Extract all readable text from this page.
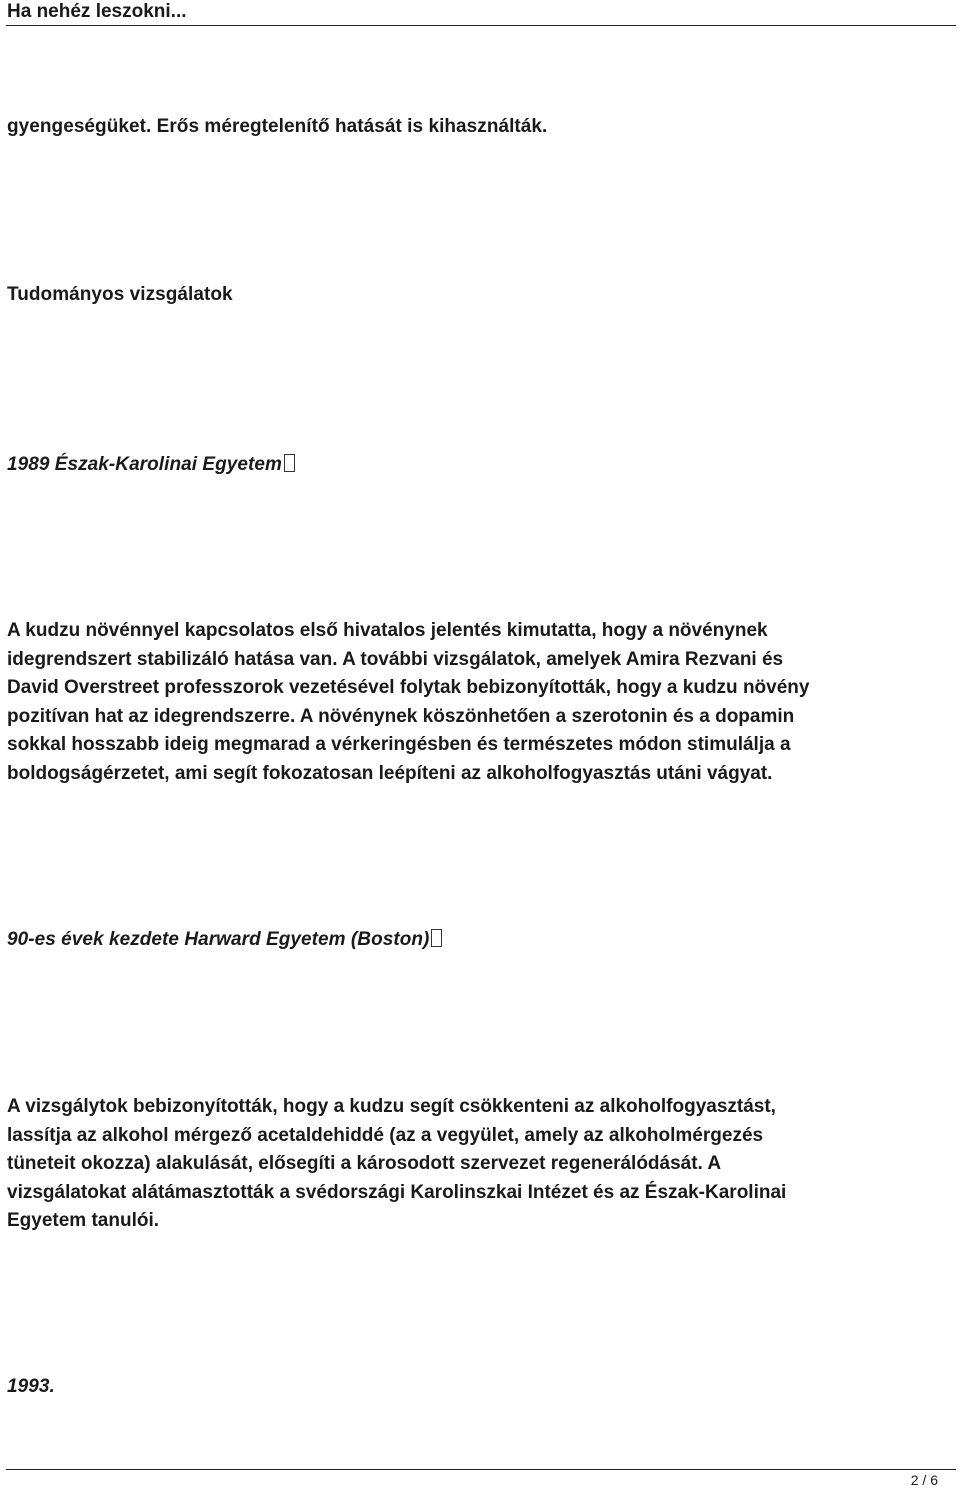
Ha nehéz leszokni...
gyengeségüket. Erős méregtelenítő hatását is kihasználták.
Tudományos vizsgálatok
1989 Észak-Karolinai Egyetem
A kudzu növénnyel kapcsolatos első hivatalos jelentés kimutatta, hogy a növénynek
idegrendszert stabilizáló hatása van. A további vizsgálatok, amelyek Amira Rezvani és
David Overstreet professzorok vezetésével folytak bebizonyították, hogy a kudzu növény
pozitívan hat az idegrendszerre. A növénynek köszönhetően a szerotonin és a dopamin
sokkal hosszabb ideig megmarad a vérkeringésben és természetes módon stimulálja a
boldogságérzetet, ami segít fokozatosan leépíteni az alkoholfogyasztás utáni vágyat.
90-es évek kezdete Harward Egyetem (Boston)
A vizsgálytok bebizonyították, hogy a kudzu segít csökkenteni az alkoholfogyasztást,
lassítja az alkohol mérgező acetaldehiddé (az a vegyület, amely az alkoholmérgezés
tüneteit okozza) alakulását, elősegíti a károsodott szervezet regenerálódását. A
vizsgálatokat alátámasztották a svédországi Karolinszkai Intézet és az Észak-Karolinai
Egyetem tanulói.
1993.
2 / 6
